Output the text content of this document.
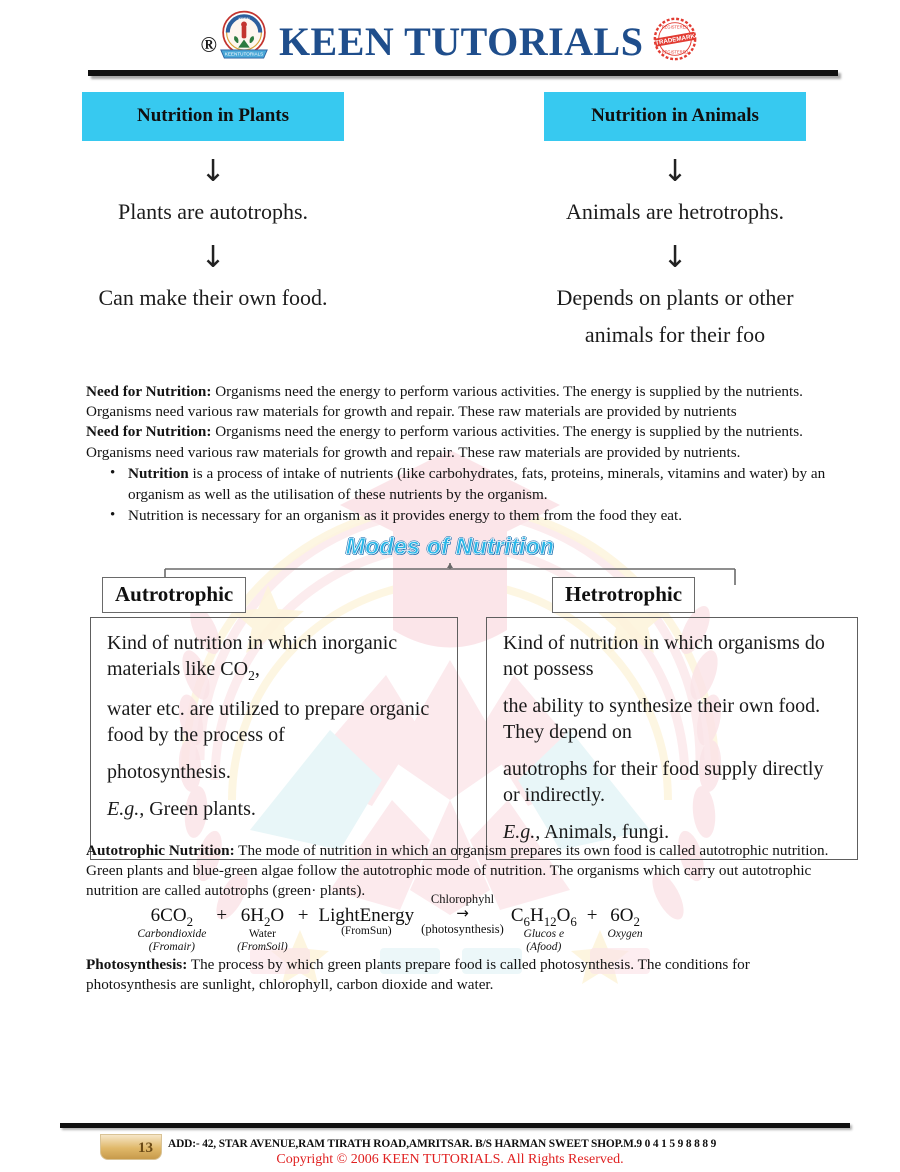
®
KEEN
KEENTUTORIALS KEEN TUTORIALS TRADEMARK
REGISTERED
REGISTERED
Nutrition in Plants
↓
Plants are autotrophs.
↓
Can make their own food.
Nutrition in Animals
↓
Animals are hetrotrophs.
↓
Depends on plants or other
animals for their foo

Need for Nutrition: Organisms need the energy to perform various activities. The energy is supplied by the nutrients. Organisms need various raw materials for growth and repair. These raw materials are provided by nutrients

Need for Nutrition: Organisms need the energy to perform various activities. The energy is supplied by the nutrients. Organisms need various raw materials for growth and repair. These raw materials are provided by nutrients.

• Nutrition is a process of intake of nutrients (like carbohydrates, fats, proteins, minerals, vitamins and water) by an organism as well as the utilisation of these nutrients by the organism.
• Nutrition is necessary for an organism as it provides energy to them from the food they eat.
Modes of Nutrition
Autrotrophic	Hetrotrophic

Kind of nutrition in which inorganic materials like $CO_2$,

water etc. are utilized to prepare organic food by the process of

photosynthesis.

E.g., Green plants.

Kind of nutrition in which organisms do not possess

the ability to synthesize their own food. They depend on

autotrophs for their food supply directly or indirectly.

E.g., Animals, fungi.

Autotrophic Nutrition: The mode of nutrition in which an organism prepares its own food is called autotrophic nutrition. Green plants and blue-green algae follow the autotrophic mode of nutrition. The organisms which carry out autotrophic nutrition are called autotrophs (green· plants).

$6CO_2$
Carbondioxide
(Fromair)
+ $6H_2O$
Water
(FromSoil)
+ LightEnergy
(FromSun)
Chlorophyhl
→
(photosynthesis)
$C_6H_{12}O_6$
Glucos e
(Afood)
+ $6O_2$
Oxygen

Photosynthesis: The process by which green plants prepare food is called photosynthesis. The conditions for photosynthesis are sunlight, chlorophyll, carbon dioxide and water.

13	ADD:- 42, STAR AVENUE,RAM TIRATH ROAD,AMRITSAR. B/S HARMAN SWEET SHOP.M.9 0 4 1 5 9 8 8 8 9
Copyright © 2006 KEEN TUTORIALS. All Rights Reserved.
